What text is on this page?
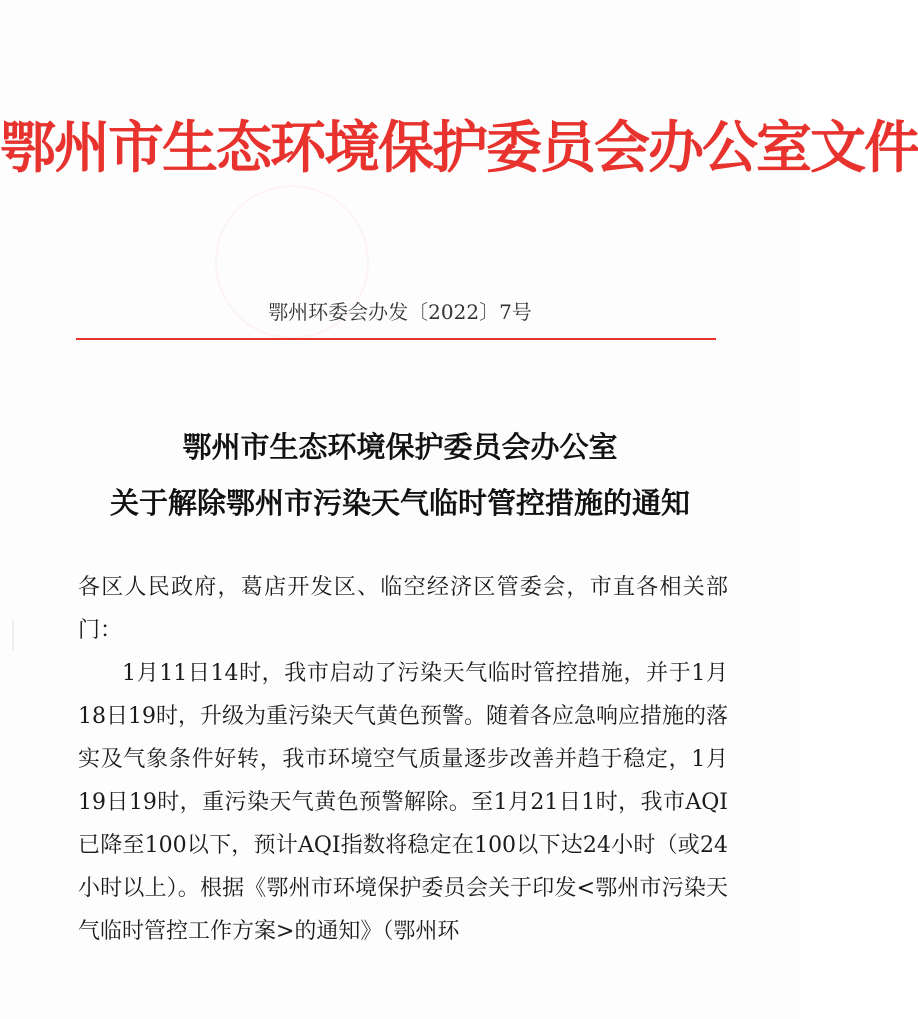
鄂州市生态环境保护委员会办公室文件
鄂州环委会办发〔2022〕7号
鄂州市生态环境保护委员会办公室
关于解除鄂州市污染天气临时管控措施的通知

各区人民政府，葛店开发区、临空经济区管委会，市直各相关部门：

1月11日14时，我市启动了污染天气临时管控措施，并于1月18日19时，升级为重污染天气黄色预警。随着各应急响应措施的落实及气象条件好转，我市环境空气质量逐步改善并趋于稳定，1月19日19时，重污染天气黄色预警解除。至1月21日1时，我市AQI已降至100以下，预计AQI指数将稳定在100以下达24小时（或24小时以上）。根据《鄂州市环境保护委员会关于印发<鄂州市污染天气临时管控工作方案>的通知》（鄂州环
